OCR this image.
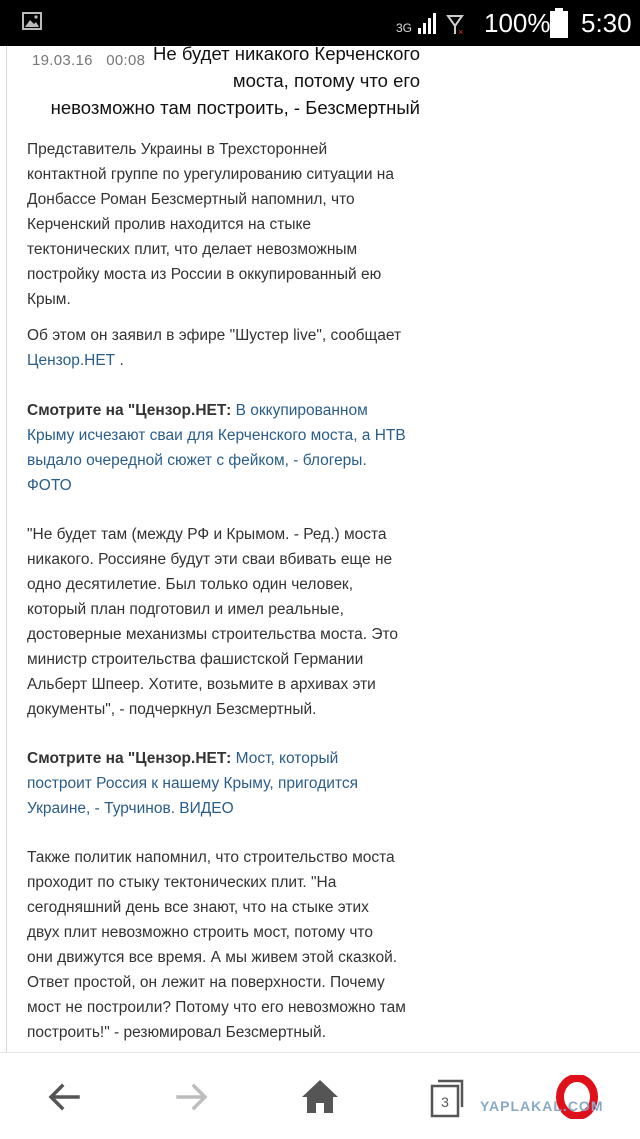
3G	× 100% 5:30
19.03.16 00:08 Не будет никакого Керченского
моста, потому что его
невозможно там построить, - Безсмертный
Представитель Украины в Трехсторонней
контактной группе по урегулированию ситуации на
Донбассе Роман Безсмертный напомнил, что
Керченский пролив находится на стыке
тектонических плит, что делает невозможным
постройку моста из России в оккупированный ею
Крым.
Об этом он заявил в эфире "Шустер live", сообщает
Цензор.НЕТ .
Смотрите на "Цензор.НЕТ: В оккупированном
Крыму исчезают сваи для Керченского моста, а НТВ
выдало очередной сюжет с фейком, - блогеры.
ФОТО
"Не будет там (между РФ и Крымом. - Ред.) моста
никакого. Россияне будут эти сваи вбивать еще не
одно десятилетие. Был только один человек,
который план подготовил и имел реальные,
достоверные механизмы строительства моста. Это
министр строительства фашистской Германии
Альберт Шпеер. Хотите, возьмите в архивах эти
документы", - подчеркнул Безсмертный.
Смотрите на "Цензор.НЕТ: Мост, который
построит Россия к нашему Крыму, пригодится
Украине, - Турчинов. ВИДЕО
Также политик напомнил, что строительство моста
проходит по стыку тектонических плит. "На
сегодняшний день все знают, что на стыке этих
двух плит невозможно строить мост, потому что
они движутся все время. А мы живем этой сказкой.
Ответ простой, он лежит на поверхности. Почему
мост не построили? Потому что его невозможно там
построить!" - резюмировал Безсмертный.
3 YAPLAKAL.COM
